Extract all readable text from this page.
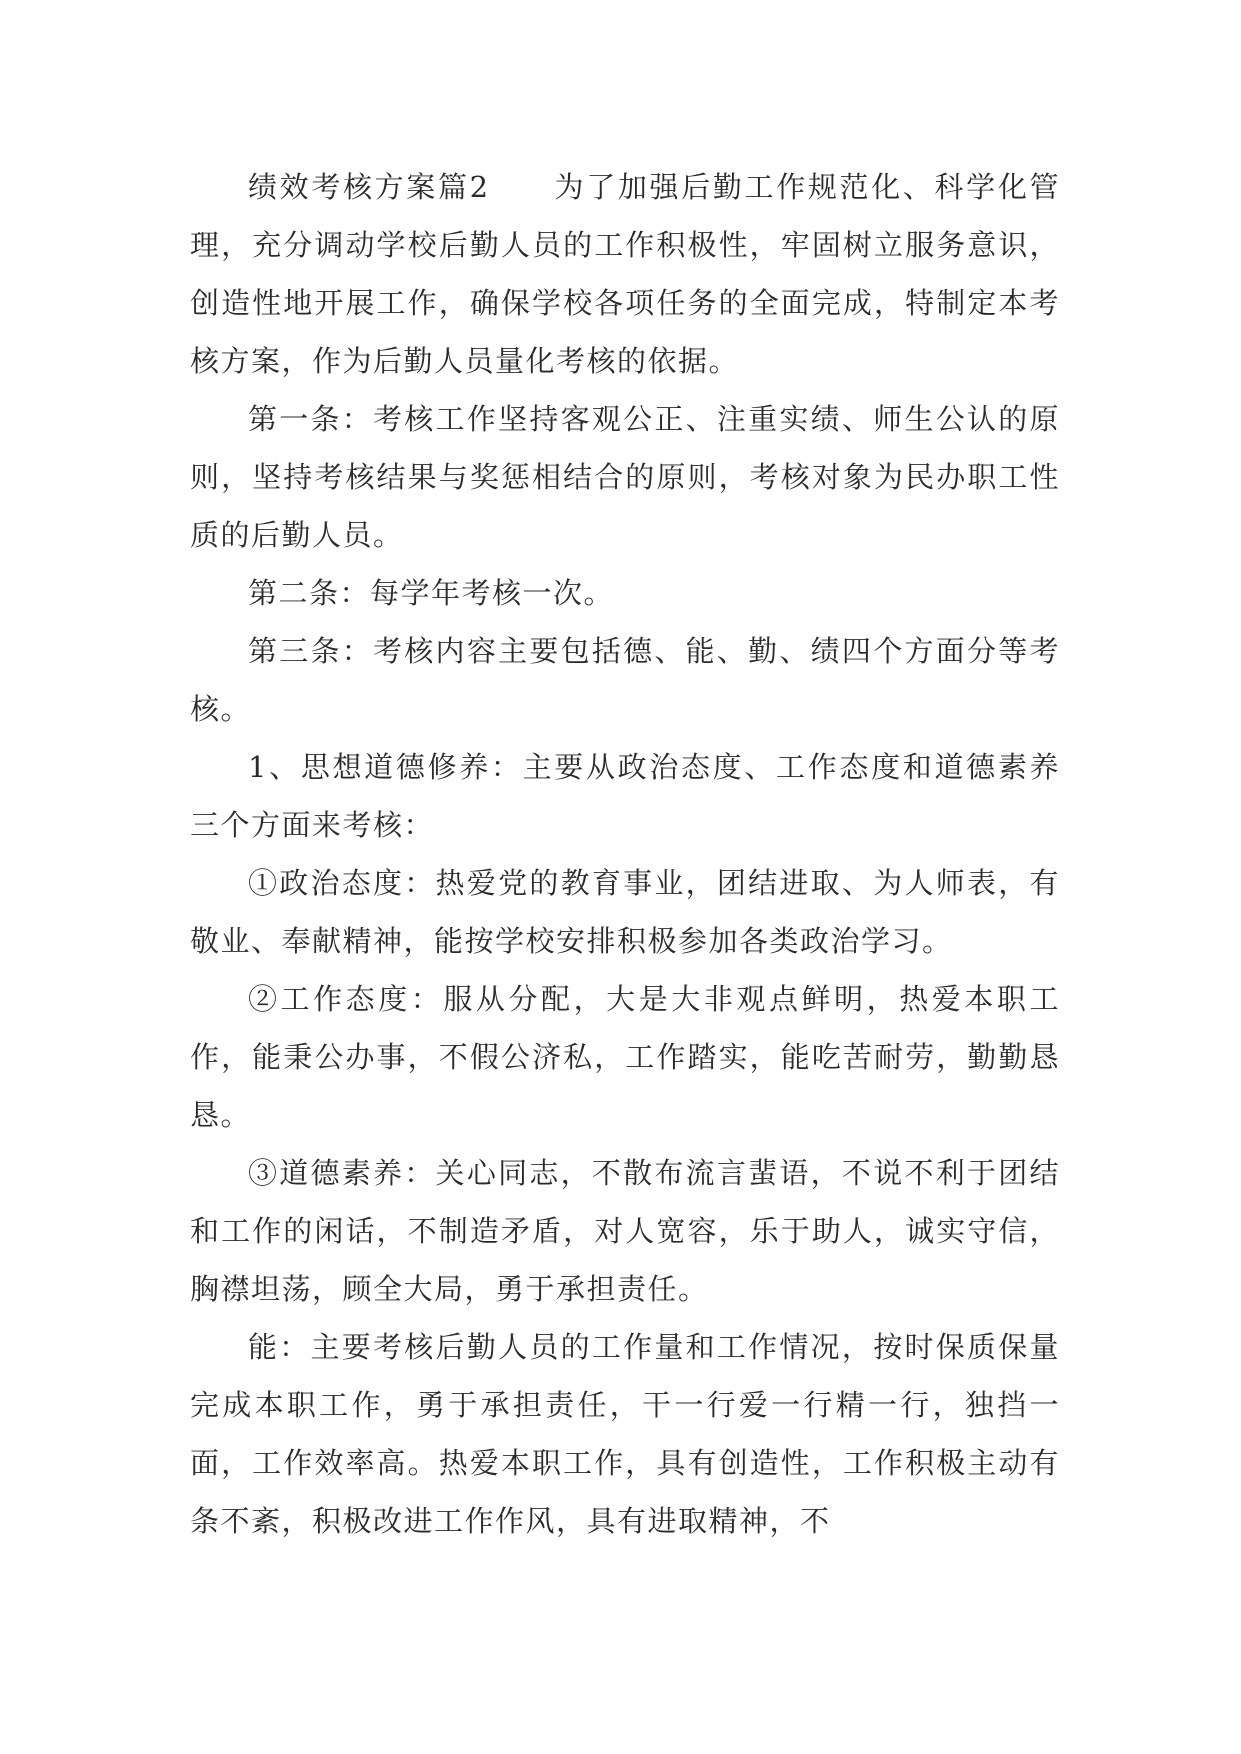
绩效考核方案篇2 为了加强后勤工作规范化、科学化管理，充分调动学校后勤人员的工作积极性，牢固树立服务意识，创造性地开展工作，确保学校各项任务的全面完成，特制定本考核方案，作为后勤人员量化考核的依据。

第一条：考核工作坚持客观公正、注重实绩、师生公认的原则，坚持考核结果与奖惩相结合的原则，考核对象为民办职工性质的后勤人员。

第二条：每学年考核一次。

第三条：考核内容主要包括德、能、勤、绩四个方面分等考核。

1、思想道德修养：主要从政治态度、工作态度和道德素养三个方面来考核：

①政治态度：热爱党的教育事业，团结进取、为人师表，有敬业、奉献精神，能按学校安排积极参加各类政治学习。

②工作态度：服从分配，大是大非观点鲜明，热爱本职工作，能秉公办事，不假公济私，工作踏实，能吃苦耐劳，勤勤恳恳。

③道德素养：关心同志，不散布流言蜚语，不说不利于团结和工作的闲话，不制造矛盾，对人宽容，乐于助人，诚实守信，胸襟坦荡，顾全大局，勇于承担责任。

能：主要考核后勤人员的工作量和工作情况，按时保质保量完成本职工作，勇于承担责任，干一行爱一行精一行，独挡一面，工作效率高。热爱本职工作，具有创造性，工作积极主动有条不紊，积极改进工作作风，具有进取精神，不
